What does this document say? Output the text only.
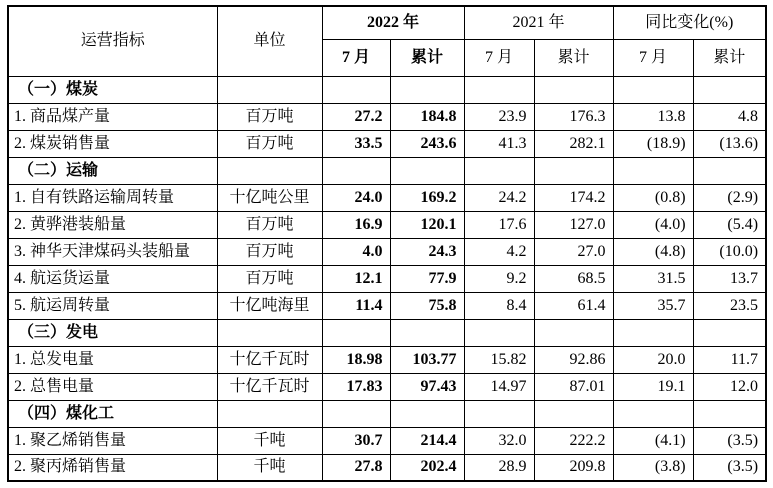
运营指标	单位	2022 年		2021 年		同比变化(%)	
		7 月	累计	7 月	累计	7 月	累计
（一）煤炭							
1. 商品煤产量	百万吨	27.2	184.8	23.9	176.3	13.8	4.8
2. 煤炭销售量	百万吨	33.5	243.6	41.3	282.1	(18.9)	(13.6)
（二）运输							
1. 自有铁路运输周转量	十亿吨公里	24.0	169.2	24.2	174.2	(0.8)	(2.9)
2. 黄骅港装船量	百万吨	16.9	120.1	17.6	127.0	(4.0)	(5.4)
3. 神华天津煤码头装船量	百万吨	4.0	24.3	4.2	27.0	(4.8)	(10.0)
4. 航运货运量	百万吨	12.1	77.9	9.2	68.5	31.5	13.7
5. 航运周转量	十亿吨海里	11.4	75.8	8.4	61.4	35.7	23.5
（三）发电							
1. 总发电量	十亿千瓦时	18.98	103.77	15.82	92.86	20.0	11.7
2. 总售电量	十亿千瓦时	17.83	97.43	14.97	87.01	19.1	12.0
（四）煤化工							
1. 聚乙烯销售量	千吨	30.7	214.4	32.0	222.2	(4.1)	(3.5)
2. 聚丙烯销售量	千吨	27.8	202.4	28.9	209.8	(3.8)	(3.5)
